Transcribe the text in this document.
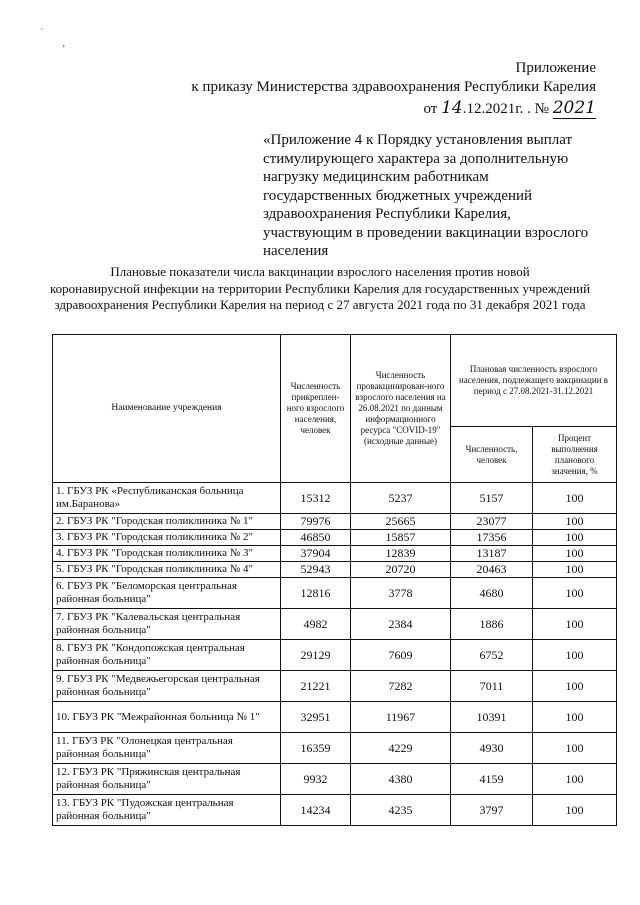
`
’
Приложение
к приказу Министерства здравоохранения Республики Карелия
от 14.12.2021г. . № 2021
«Приложение 4 к Порядку установления выплат
стимулирующего характера за дополнительную
нагрузку медицинским работникам
государственных бюджетных учреждений
здравоохранения Республики Карелия,
участвующим в проведении вакцинации взрослого
населения
Плановые показатели числа вакцинации взрослого населения против новой
коронавирусной инфекции на территории Республики Карелия для государственных учреждений
здравоохранения Республики Карелия на период с 27 августа 2021 года по 31 декабря 2021 года
Наименование учреждения	Численность прикреплен-ного взрослого населения, человек	Численность провакцинирован-ного взрослого населения на 26.08.2021 по данным информационного ресурса "COVID-19" (исходные данные)	Плановая численность взрослого населения, подлежащего вакцинации в период с 27.08.2021-31.12.2021	
			Численность, человек	Процент выполнения планового значения, %
1. ГБУЗ РК «Республиканская больница им.Баранова»	15312	5237	5157	100
2. ГБУЗ РК "Городская поликлиника № 1"	79976	25665	23077	100
3. ГБУЗ РК "Городская поликлиника № 2"	46850	15857	17356	100
4. ГБУЗ РК "Городская поликлиника № 3"	37904	12839	13187	100
5. ГБУЗ РК "Городская поликлиника № 4"	52943	20720	20463	100
6. ГБУЗ РК "Беломорская центральная районная больница"	12816	3778	4680	100
7. ГБУЗ РК "Калевальская центральная районная больница"	4982	2384	1886	100
8. ГБУЗ РК "Кондопожская центральная районная больница"	29129	7609	6752	100
9. ГБУЗ РК "Медвежьегорская центральная районная больница"	21221	7282	7011	100
10. ГБУЗ РК "Межрайонная больница № 1"	32951	11967	10391	100
11. ГБУЗ РК "Олонецкая центральная районная больница"	16359	4229	4930	100
12. ГБУЗ РК "Пряжинская центральная районная больница"	9932	4380	4159	100
13. ГБУЗ РК "Пудожская центральная районная больница"	14234	4235	3797	100
